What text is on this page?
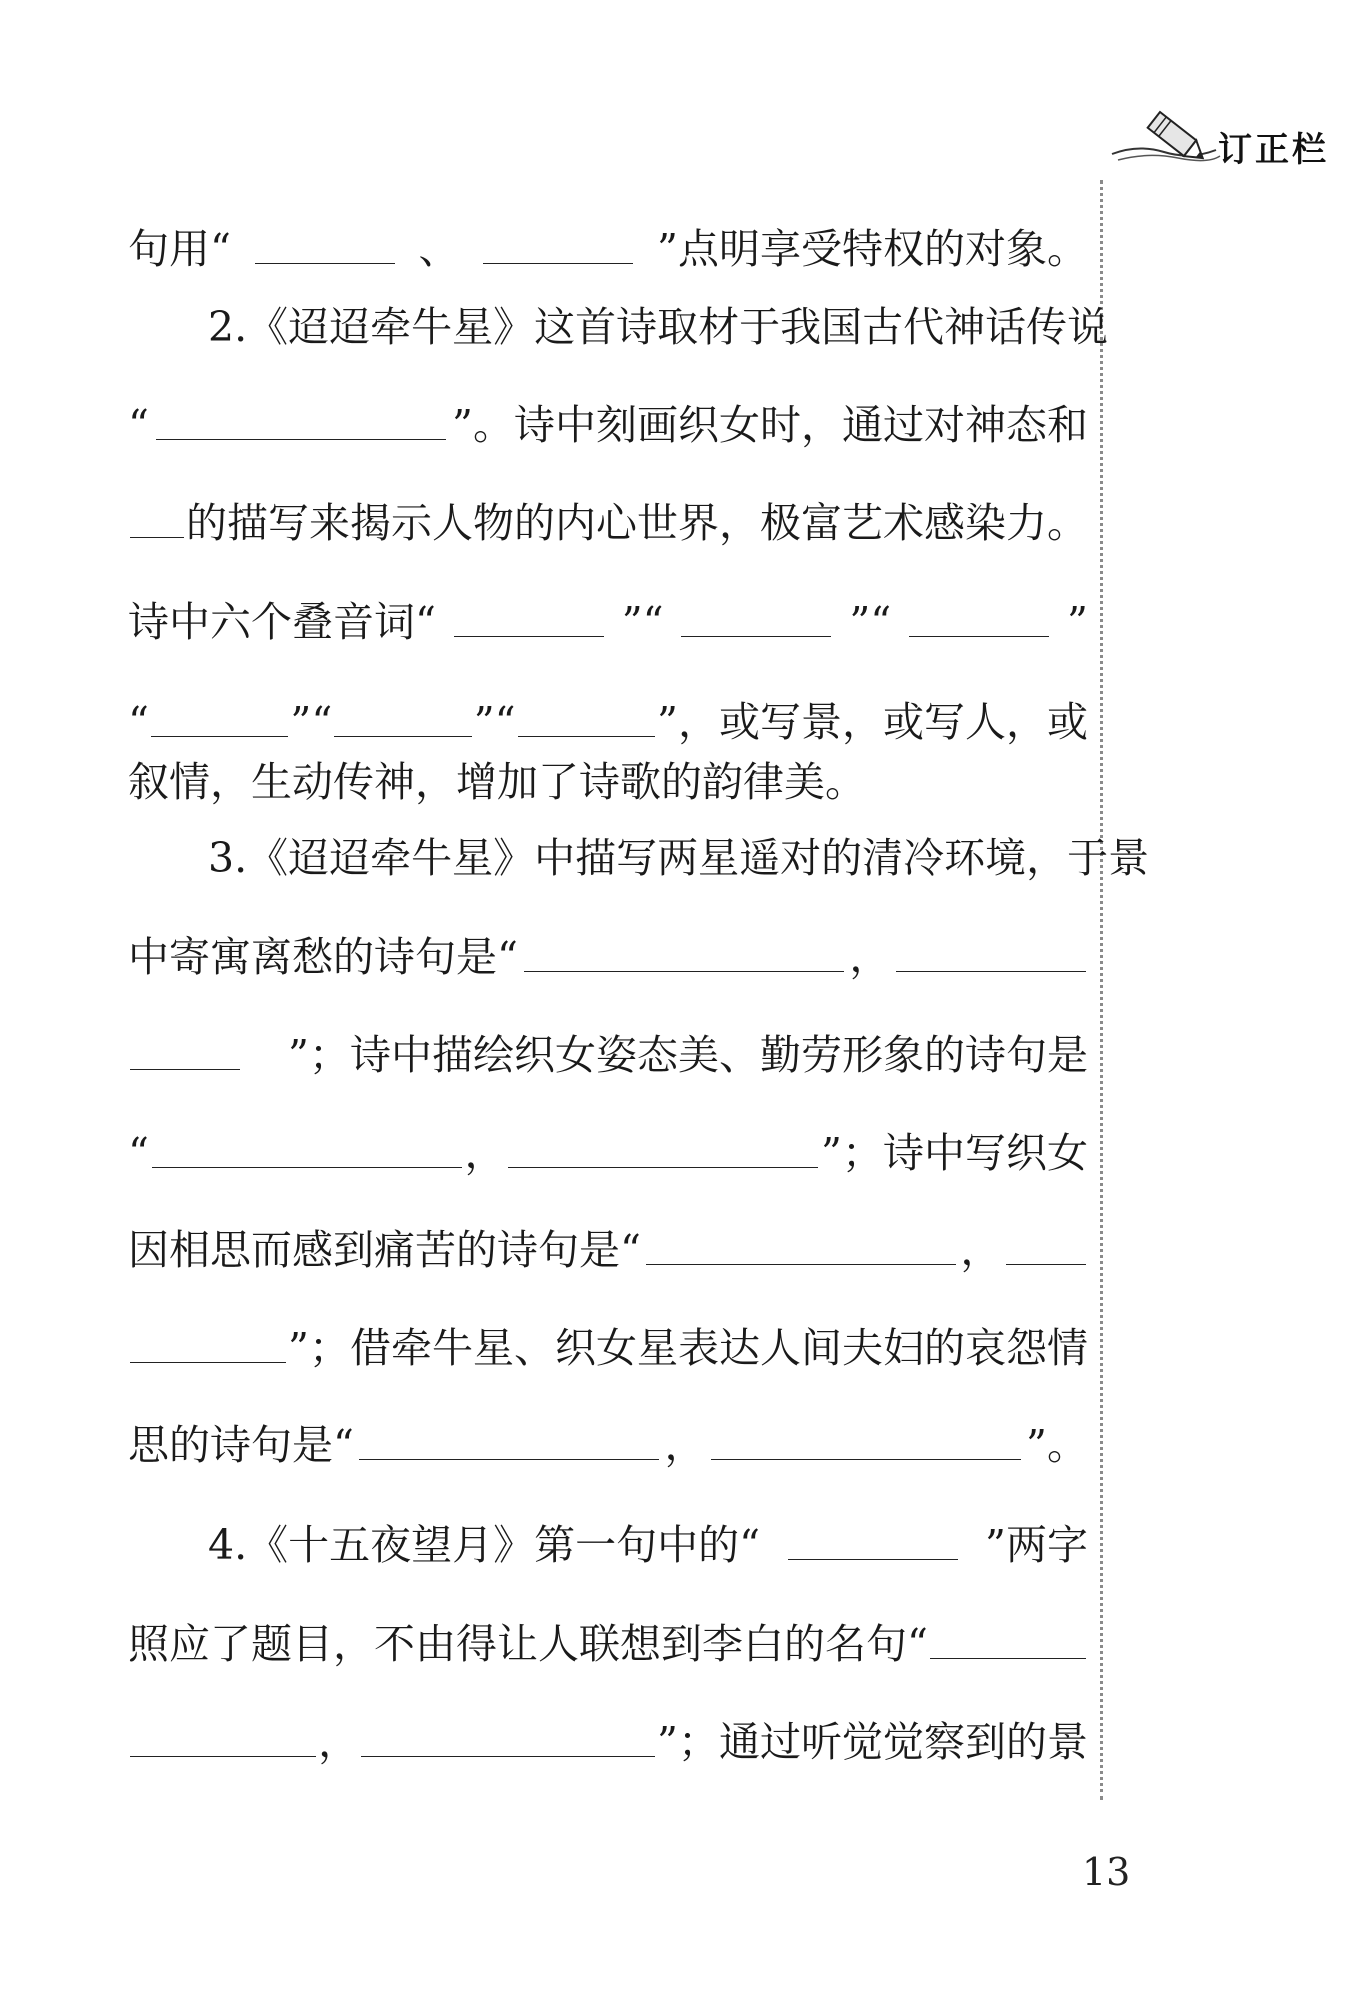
订正栏
句用“	、	”点明享受特权的对象。
2.《迢迢牵牛星》这首诗取材于我国古代神话传说
“	”。诗中刻画织女时，通过对神态和
的描写来揭示人物的内心世界，极富艺术感染力。
诗中六个叠音词“	”“	”“	”
“	”“	”“	”，或写景，或写人，或
叙情，生动传神，增加了诗歌的韵律美。
3.《迢迢牵牛星》中描写两星遥对的清冷环境，于景
中寄寓离愁的诗句是“	，
”；诗中描绘织女姿态美、勤劳形象的诗句是
“	，	”；诗中写织女
因相思而感到痛苦的诗句是“	，
”；借牵牛星、织女星表达人间夫妇的哀怨情
思的诗句是“	，	”。
4.《十五夜望月》第一句中的“	”两字
照应了题目，不由得让人联想到李白的名句“
，	”；通过听觉觉察到的景
13
